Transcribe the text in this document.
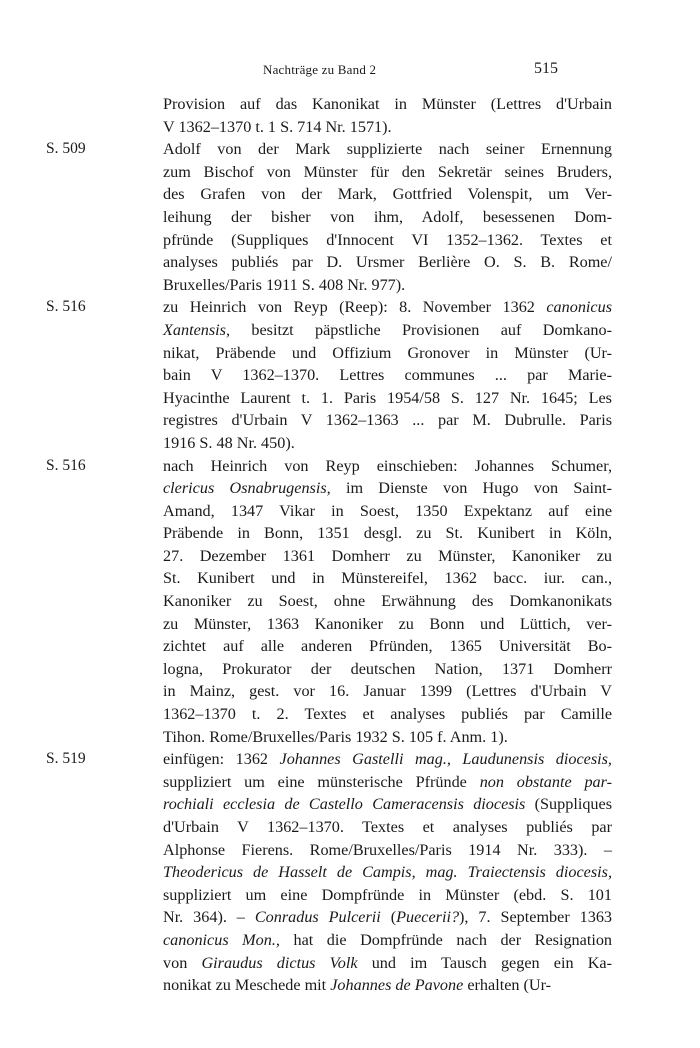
Nachträge zu Band 2	515
Provision auf das Kanonikat in Münster (Lettres d'Urbain
V 1362–1370 t. 1 S. 714 Nr. 1571).
S. 509	Adolf von der Mark supplizierte nach seiner Ernennung
zum Bischof von Münster für den Sekretär seines Bruders,
des Grafen von der Mark, Gottfried Volenspit, um Ver-
leihung der bisher von ihm, Adolf, besessenen Dom-
pfründe (Suppliques d'Innocent VI 1352–1362. Textes et
analyses publiés par D. Ursmer Berlière O. S. B. Rome/
Bruxelles/Paris 1911 S. 408 Nr. 977).
S. 516	zu Heinrich von Reyp (Reep): 8. November 1362 canonicus
Xantensis, besitzt päpstliche Provisionen auf Domkano-
nikat, Präbende und Offizium Gronover in Münster (Ur-
bain V 1362–1370. Lettres communes ... par Marie-
Hyacinthe Laurent t. 1. Paris 1954/58 S. 127 Nr. 1645; Les
registres d'Urbain V 1362–1363 ... par M. Dubrulle. Paris
1916 S. 48 Nr. 450).
S. 516	nach Heinrich von Reyp einschieben: Johannes Schumer,
clericus Osnabrugensis, im Dienste von Hugo von Saint-
Amand, 1347 Vikar in Soest, 1350 Expektanz auf eine
Präbende in Bonn, 1351 desgl. zu St. Kunibert in Köln,
27. Dezember 1361 Domherr zu Münster, Kanoniker zu
St. Kunibert und in Münstereifel, 1362 bacc. iur. can.,
Kanoniker zu Soest, ohne Erwähnung des Domkanonikats
zu Münster, 1363 Kanoniker zu Bonn und Lüttich, ver-
zichtet auf alle anderen Pfründen, 1365 Universität Bo-
logna, Prokurator der deutschen Nation, 1371 Domherr
in Mainz, gest. vor 16. Januar 1399 (Lettres d'Urbain V
1362–1370 t. 2. Textes et analyses publiés par Camille
Tihon. Rome/Bruxelles/Paris 1932 S. 105 f. Anm. 1).
S. 519	einfügen: 1362 Johannes Gastelli mag., Laudunensis diocesis,
suppliziert um eine münsterische Pfründe non obstante par-
rochiali ecclesia de Castello Cameracensis diocesis (Suppliques
d'Urbain V 1362–1370. Textes et analyses publiés par
Alphonse Fierens. Rome/Bruxelles/Paris 1914 Nr. 333). –
Theodericus de Hasselt de Campis, mag. Traiectensis diocesis,
suppliziert um eine Dompfründe in Münster (ebd. S. 101
Nr. 364). – Conradus Pulcerii (Puecerii?), 7. September 1363
canonicus Mon., hat die Dompfründe nach der Resignation
von Giraudus dictus Volk und im Tausch gegen ein Ka-
nonikat zu Meschede mit Johannes de Pavone erhalten (Ur-
